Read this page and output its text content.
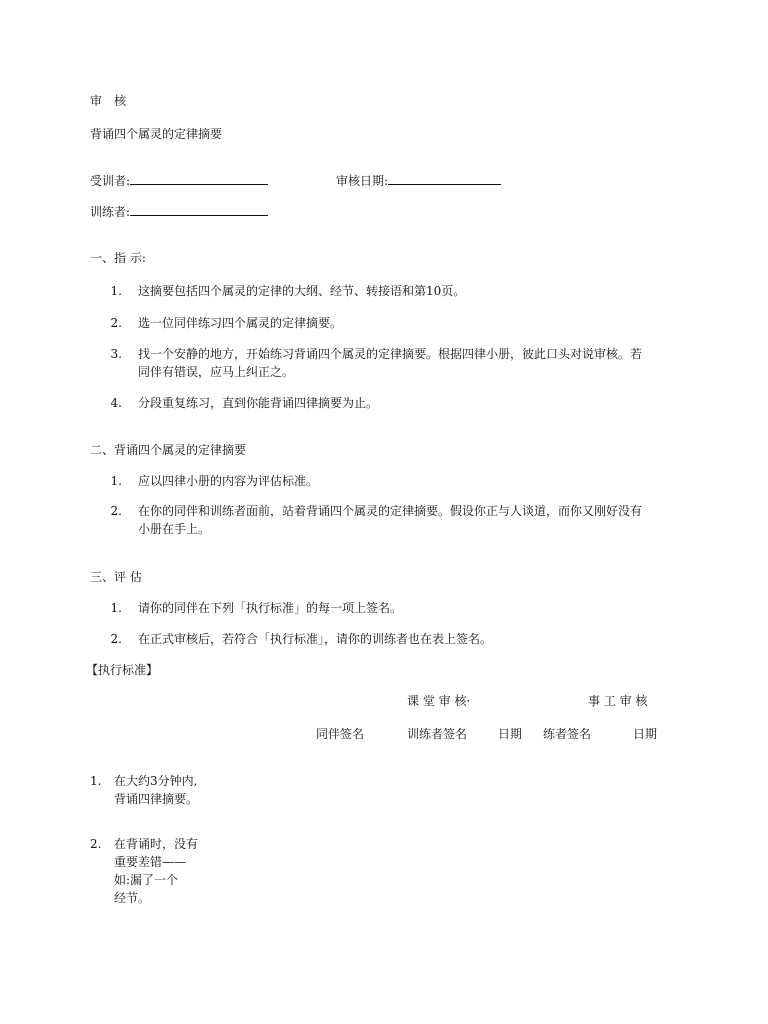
审　核
背诵四个属灵的定律摘要
受训者:	审核日期:
训练者:
一、指 示:
1. 这摘要包括四个属灵的定律的大纲、经节、转接语和第10页。
2. 选一位同伴练习四个属灵的定律摘要。
3. 找一个安静的地方，开始练习背诵四个属灵的定律摘要。根据四律小册，彼此口头对说审核。若
同伴有错误，应马上纠正之。
4. 分段重复练习，直到你能背诵四律摘要为止。
二、背诵四个属灵的定律摘要
1. 应以四律小册的内容为评估标准。
2. 在你的同伴和训练者面前，站着背诵四个属灵的定律摘要。假设你正与人谈道，而你又刚好没有
小册在手上。
三、评 估
1. 请你的同伴在下列「执行标准」的每一项上签名。
2. 在正式审核后，若符合「执行标准」，请你的训练者也在表上签名。
【执行标准】
课 堂 审 核·	事 工 审 核
同伴签名	训练者签名	日期 练者签名	日期
1. 在大约3分钟内,
背诵四律摘要。
2. 在背诵时，没有
重要差错——
如:漏了一个
经节。
